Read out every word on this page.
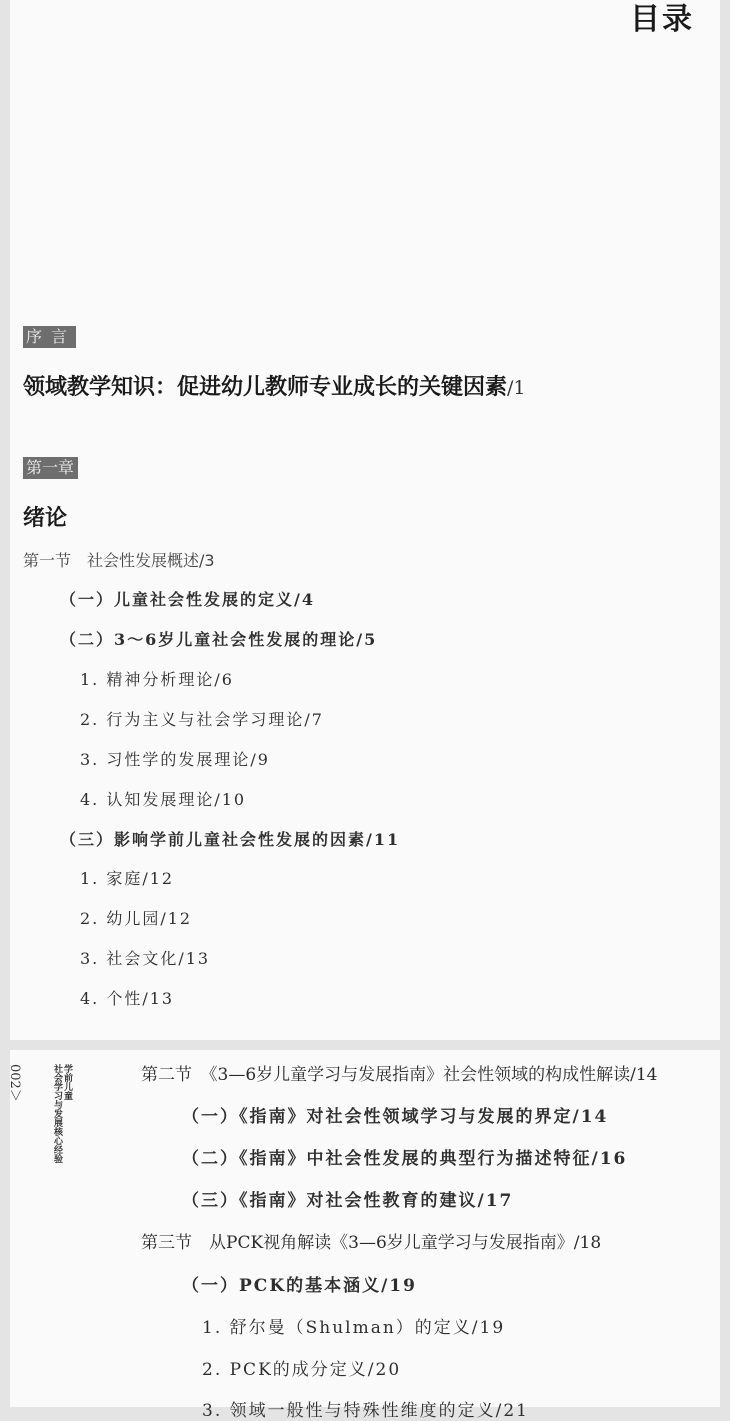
目录
序言
领域教学知识：促进幼儿教师专业成长的关键因素/1
第一章
绪论
第一节　社会性发展概述/3
（一）儿童社会性发展的定义/4
（二）3～6岁儿童社会性发展的理论/5
1. 精神分析理论/6
2. 行为主义与社会学习理论/7
3. 习性学的发展理论/9
4. 认知发展理论/10
（三）影响学前儿童社会性发展的因素/11
1. 家庭/12
2. 幼儿园/12
3. 社会文化/13
4. 个性/13
002＞	学前儿童
社会学习与发展核心经验	第二节　《3—6岁儿童学习与发展指南》社会性领域的构成性解读/14
（一）《指南》对社会性领域学习与发展的界定/14
（二）《指南》中社会性发展的典型行为描述特征/16
（三）《指南》对社会性教育的建议/17
第三节　从PCK视角解读《3—6岁儿童学习与发展指南》/18
（一）PCK的基本涵义/19
1. 舒尔曼（Shulman）的定义/19
2. PCK的成分定义/20
3. 领域一般性与特殊性维度的定义/21
